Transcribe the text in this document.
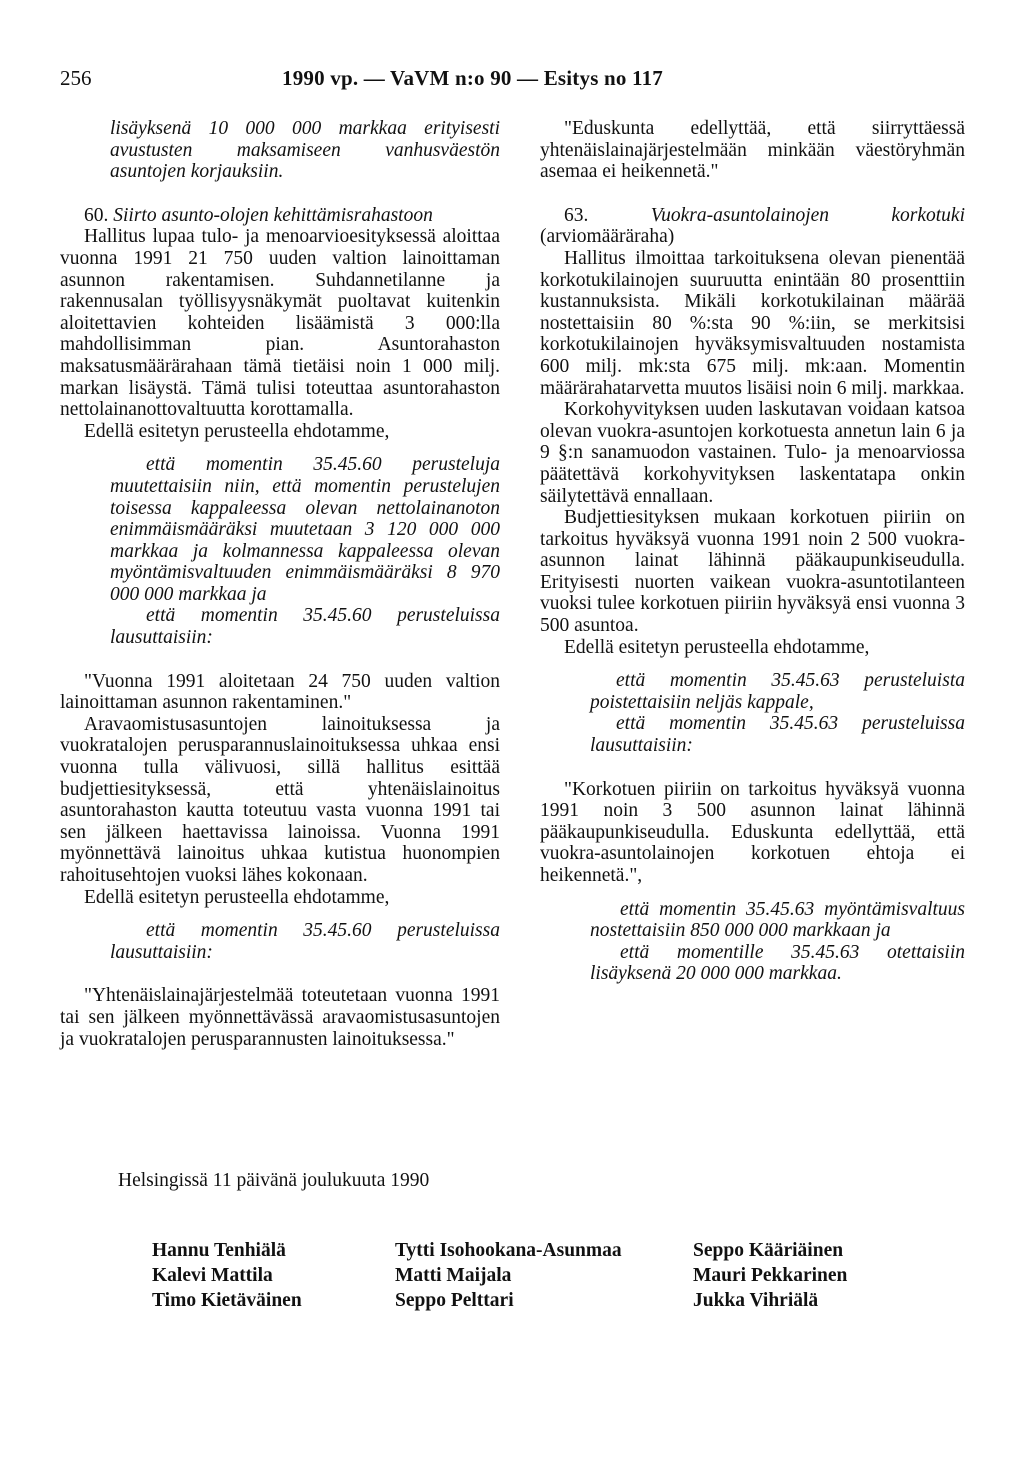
256	1990 vp. — VaVM n:o 90 — Esitys no 117

lisäyksenä 10 000 000 markkaa erityisesti avustusten maksamiseen vanhusväestön asuntojen korjauksiin.

60. Siirto asunto-olojen kehittämisrahastoon

Hallitus lupaa tulo- ja menoarvioesityksessä aloittaa vuonna 1991 21 750 uuden valtion lainoittaman asunnon rakentamisen. Suhdannetilanne ja rakennusalan työllisyysnäkymät puoltavat kuitenkin aloitettavien kohteiden lisäämistä 3 000:lla mahdollisimman pian. Asuntorahaston maksatusmäärärahaan tämä tietäisi noin 1 000 milj. markan lisäystä. Tämä tulisi toteuttaa asuntorahaston nettolainanottovaltuutta korottamalla.

Edellä esitetyn perusteella ehdotamme,

että momentin 35.45.60 perusteluja muutettaisiin niin, että momentin perustelujen toisessa kappaleessa olevan nettolainanoton enimmäismääräksi muutetaan 3 120 000 000 markkaa ja kolmannessa kappaleessa olevan myöntämisvaltuuden enimmäismääräksi 8 970 000 000 markkaa ja

että momentin 35.45.60 perusteluissa lausuttaisiin:

"Vuonna 1991 aloitetaan 24 750 uuden valtion lainoittaman asunnon rakentaminen."

Aravaomistusasuntojen lainoituksessa ja vuokratalojen perusparannuslainoituksessa uhkaa ensi vuonna tulla välivuosi, sillä hallitus esittää budjettiesityksessä, että yhtenäislainoitus asuntorahaston kautta toteutuu vasta vuonna 1991 tai sen jälkeen haettavissa lainoissa. Vuonna 1991 myönnettävä lainoitus uhkaa kutistua huonompien rahoitusehtojen vuoksi lähes kokonaan.

Edellä esitetyn perusteella ehdotamme,

että momentin 35.45.60 perusteluissa lausuttaisiin:

"Yhtenäislainajärjestelmää toteutetaan vuonna 1991 tai sen jälkeen myönnettävässä aravaomistusasuntojen ja vuokratalojen perusparannusten lainoituksessa."

"Eduskunta edellyttää, että siirryttäessä yhtenäislainajärjestelmään minkään väestöryhmän asemaa ei heikennetä."

63. Vuokra-asuntolainojen korkotuki (arviomääräraha)

Hallitus ilmoittaa tarkoituksena olevan pienentää korkotukilainojen suuruutta enintään 80 prosenttiin kustannuksista. Mikäli korkotukilainan määrää nostettaisiin 80 %:sta 90 %:iin, se merkitsisi korkotukilainojen hyväksymisvaltuuden nostamista 600 milj. mk:sta 675 milj. mk:aan. Momentin määrärahatarvetta muutos lisäisi noin 6 milj. markkaa.

Korkohyvityksen uuden laskutavan voidaan katsoa olevan vuokra-asuntojen korkotuesta annetun lain 6 ja 9 §:n sanamuodon vastainen. Tulo- ja menoarviossa päätettävä korkohyvityksen laskentatapa onkin säilytettävä ennallaan.

Budjettiesityksen mukaan korkotuen piiriin on tarkoitus hyväksyä vuonna 1991 noin 2 500 vuokra-asunnon lainat lähinnä pääkaupunkiseudulla. Erityisesti nuorten vaikean vuokra-asuntotilanteen vuoksi tulee korkotuen piiriin hyväksyä ensi vuonna 3 500 asuntoa.

Edellä esitetyn perusteella ehdotamme,

että momentin 35.45.63 perusteluista poistettaisiin neljäs kappale,

että momentin 35.45.63 perusteluissa lausuttaisiin:

"Korkotuen piiriin on tarkoitus hyväksyä vuonna 1991 noin 3 500 asunnon lainat lähinnä pääkaupunkiseudulla. Eduskunta edellyttää, että vuokra-asuntolainojen korkotuen ehtoja ei heikennetä.",

että momentin 35.45.63 myöntämisvaltuus nostettaisiin 850 000 000 markkaan ja

että momentille 35.45.63 otettaisiin lisäyksenä 20 000 000 markkaa.

Helsingissä 11 päivänä joulukuuta 1990
Hannu Tenhiälä
Kalevi Mattila
Timo Kietäväinen
Tytti Isohookana-Asunmaa
Matti Maijala
Seppo Pelttari
Seppo Kääriäinen
Mauri Pekkarinen
Jukka Vihriälä
